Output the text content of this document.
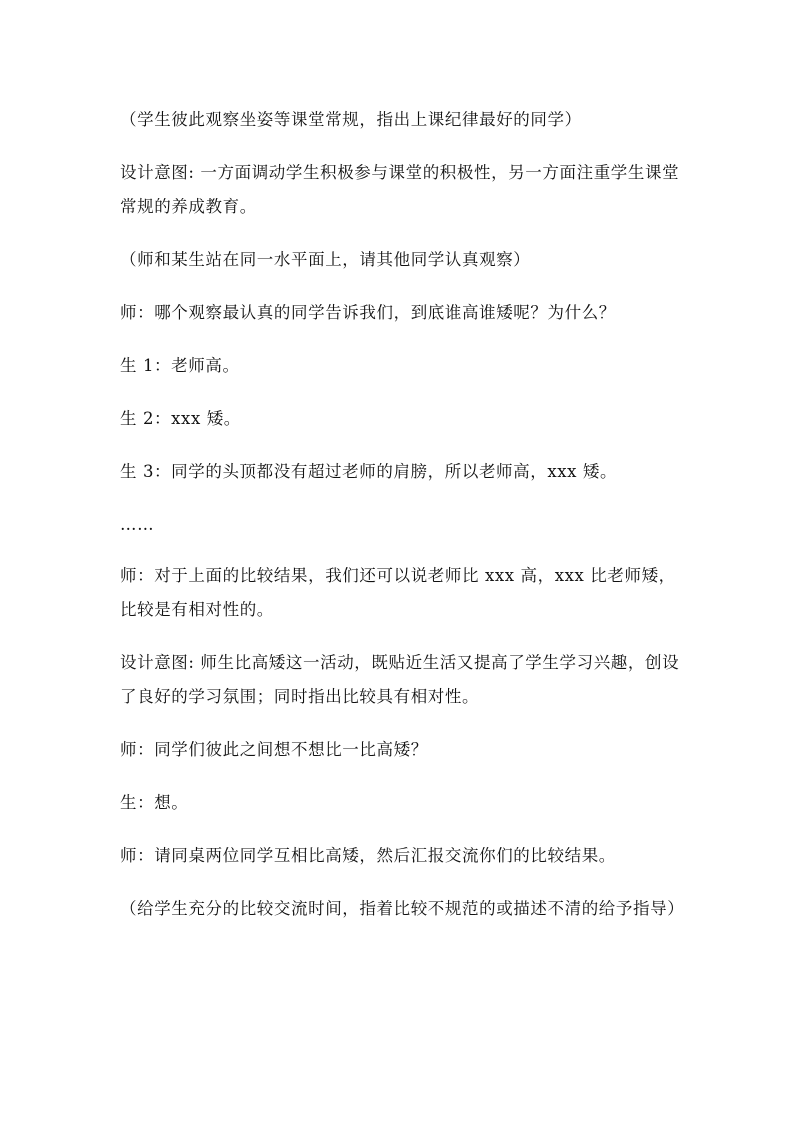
（学生彼此观察坐姿等课堂常规，指出上课纪律最好的同学）

设计意图: 一方面调动学生积极参与课堂的积极性，另一方面注重学生课堂常规的养成教育。

（师和某生站在同一水平面上，请其他同学认真观察）

师：哪个观察最认真的同学告诉我们，到底谁高谁矮呢？为什么？

生 1：老师高。

生 2：xxx 矮。

生 3：同学的头顶都没有超过老师的肩膀，所以老师高，xxx 矮。

……

师：对于上面的比较结果，我们还可以说老师比 xxx 高，xxx 比老师矮，比较是有相对性的。

设计意图: 师生比高矮这一活动，既贴近生活又提高了学生学习兴趣，创设了良好的学习氛围；同时指出比较具有相对性。

师：同学们彼此之间想不想比一比高矮？

生：想。

师：请同桌两位同学互相比高矮，然后汇报交流你们的比较结果。

（给学生充分的比较交流时间，指着比较不规范的或描述不清的给予指导）
